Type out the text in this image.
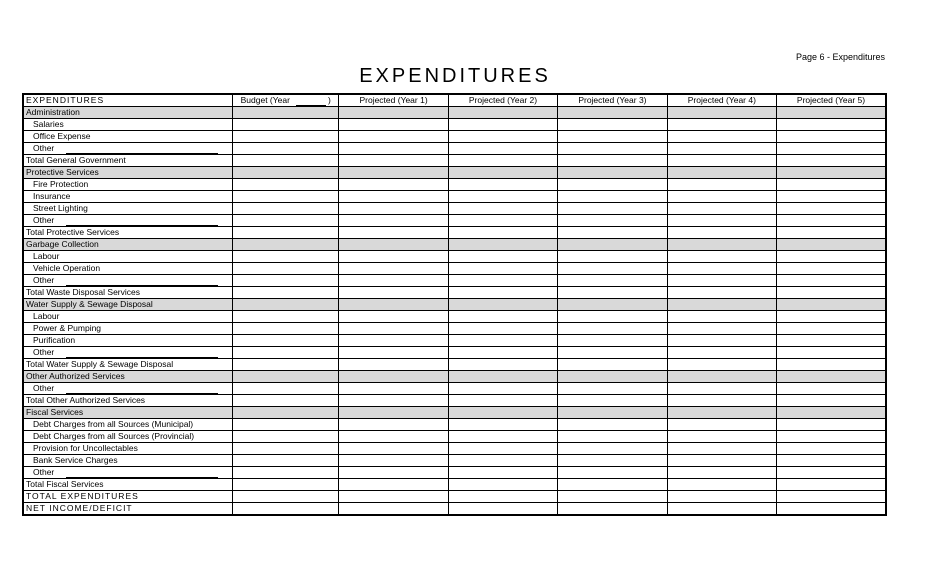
Page 6 - Expenditures
EXPENDITURES
EXPENDITURES	Budget (Year )	Projected (Year 1)	Projected (Year 2)	Projected (Year 3)	Projected (Year 4)	Projected (Year 5)
Administration						
Salaries						
Office Expense						
Other						
Total General Government						
Protective Services						
Fire Protection						
Insurance						
Street Lighting						
Other						
Total Protective Services						
Garbage Collection						
Labour						
Vehicle Operation						
Other						
Total Waste Disposal Services						
Water Supply & Sewage Disposal						
Labour						
Power & Pumping						
Purification						
Other						
Total Water Supply & Sewage Disposal						
Other Authorized Services						
Other						
Total Other Authorized Services						
Fiscal Services						
Debt Charges from all Sources (Municipal)						
Debt Charges from all Sources (Provincial)						
Provision for Uncollectables						
Bank Service Charges						
Other						
Total Fiscal Services						
TOTAL EXPENDITURES						
NET INCOME/DEFICIT						
